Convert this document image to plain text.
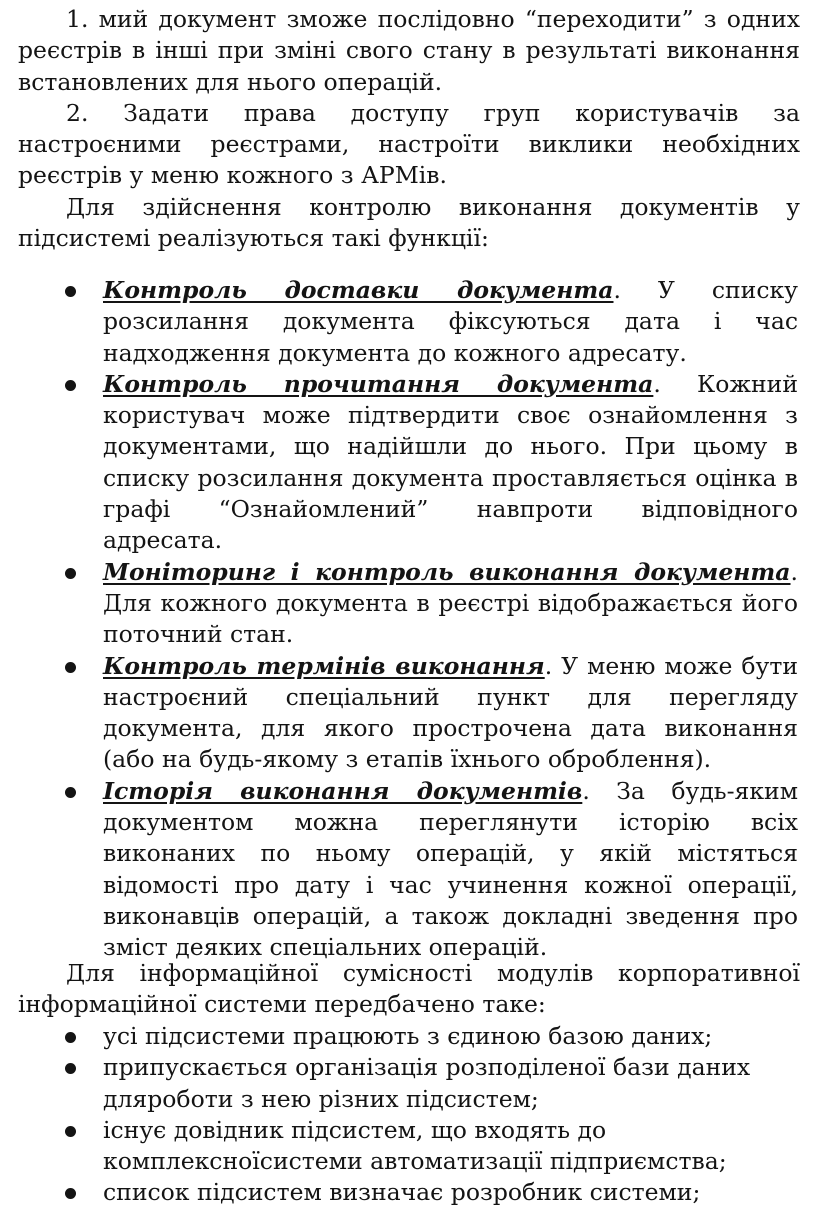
1. мий документ зможе послідовно “переходити” з одних реєстрів в інші при зміні свого стану в результаті виконання встановлених для нього операцій.

2. Задати права доступу груп користувачів за настроєними реєстрами, настроїти виклики необхідних реєстрів у меню кожного з АРМів.

Для здійснення контролю виконання документів у підсистемі реалізуються такі функції:

Контроль доставки документа. У списку розсилання документа фіксуються дата і час надходження документа до кожного адресату.
Контроль прочитання документа. Кожний користувач може підтвердити своє ознайомлення з документами, що надійшли до нього. При цьому в списку розсилання документа проставляється оцінка в графі “Ознайомлений” навпроти відповідного адресата.
Моніторинг і контроль виконання документа. Для кожного документа в реєстрі відображається його поточний стан.
Контроль термінів виконання. У меню може бути настроєний спеціальний пункт для перегляду документа, для якого прострочена дата виконання (або на будь-якому з етапів їхнього оброблення).
Історія виконання документів. За будь-яким документом можна переглянути історію всіх виконаних по ньому операцій, у якій містяться відомості про дату і час учинення кожної операції, виконавців операцій, а також докладні зведення про зміст деяких спеціальних операцій.

Для інформаційної сумісності модулів корпоративної інформаційної системи передбачено таке:

усі підсистеми працюють з єдиною базою даних;
припускається організація розподіленої бази даних дляроботи з нею різних підсистем;
існує довідник підсистем, що входять до комплексноїсистеми автоматизації підприємства;
список підсистем визначає розробник системи;
